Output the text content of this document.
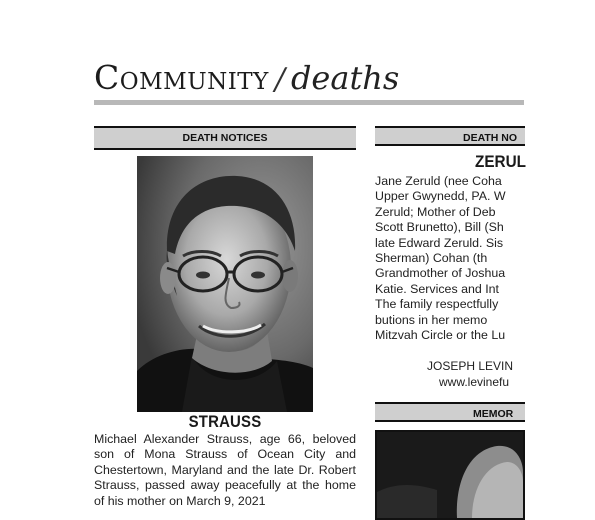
Community / deaths
DEATH NOTICES
STRAUSS
Michael Alexander Strauss, age 66, beloved son of Mona Strauss of Ocean City and Chestertown, Maryland and the late Dr. Robert Strauss, passed away peacefully at the home of his mother on March 9, 2021
DEATH NO
ZERUL
Jane Zeruld (nee Coha
Upper Gwynedd, PA. W
Zeruld; Mother of Deb
Scott Brunetto), Bill (Sh
late Edward Zeruld. Sis
Sherman) Cohan (th
Grandmother of Joshua
Katie. Services and Int
The family respectfully
butions in her memo
Mitzvah Circle or the Lu
JOSEPH LEVIN
www.levinefu
MEMOR
